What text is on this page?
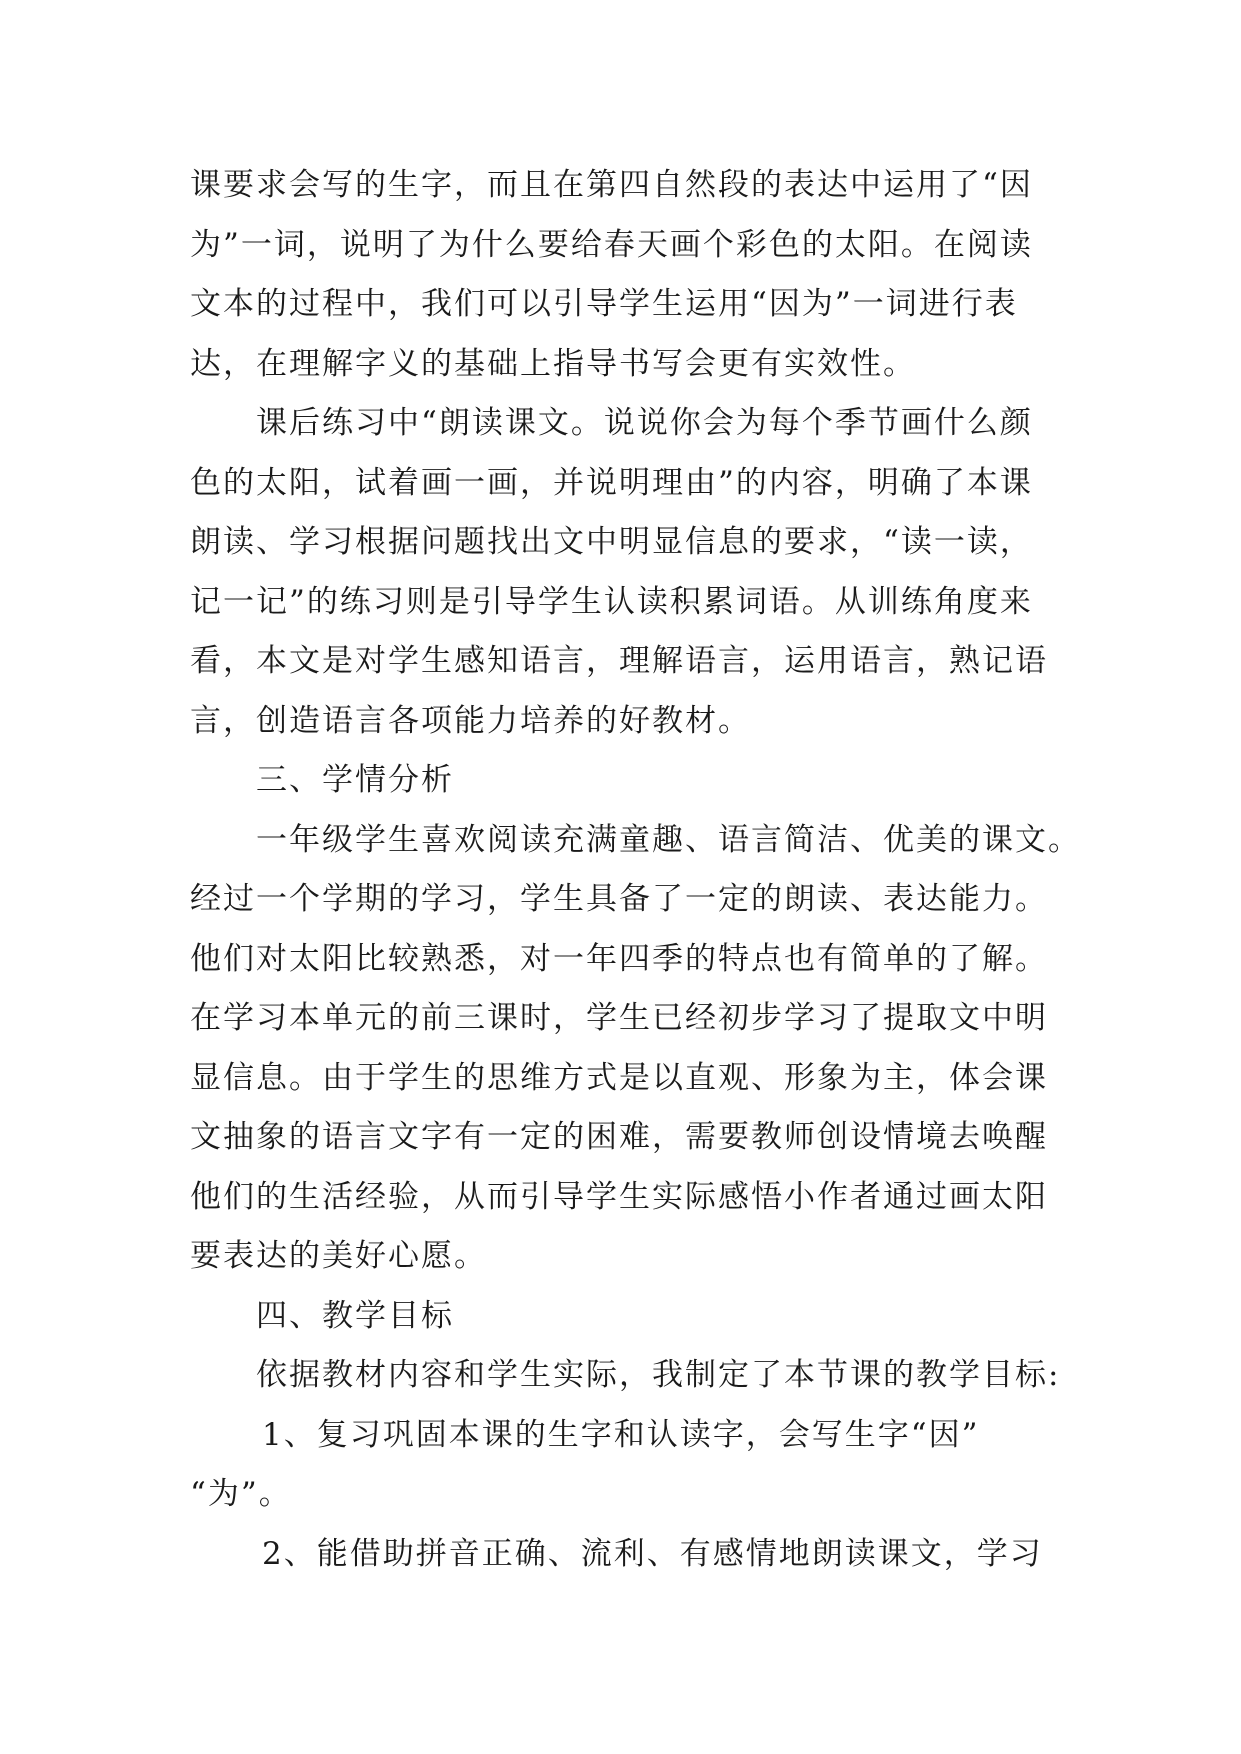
课要求会写的生字，而且在第四自然段的表达中运用了“因
为”一词，说明了为什么要给春天画个彩色的太阳。在阅读
文本的过程中，我们可以引导学生运用“因为”一词进行表
达，在理解字义的基础上指导书写会更有实效性。
课后练习中“朗读课文。说说你会为每个季节画什么颜
色的太阳，试着画一画，并说明理由”的内容，明确了本课
朗读、学习根据问题找出文中明显信息的要求，“读一读，
记一记”的练习则是引导学生认读积累词语。从训练角度来
看，本文是对学生感知语言，理解语言，运用语言，熟记语
言，创造语言各项能力培养的好教材。
三、学情分析
一年级学生喜欢阅读充满童趣、语言简洁、优美的课文。
经过一个学期的学习，学生具备了一定的朗读、表达能力。
他们对太阳比较熟悉，对一年四季的特点也有简单的了解。
在学习本单元的前三课时，学生已经初步学习了提取文中明
显信息。由于学生的思维方式是以直观、形象为主，体会课
文抽象的语言文字有一定的困难，需要教师创设情境去唤醒
他们的生活经验，从而引导学生实际感悟小作者通过画太阳
要表达的美好心愿。
四、教学目标
依据教材内容和学生实际，我制定了本节课的教学目标:
1、复习巩固本课的生字和认读字，会写生字“因”
“为”。
2、能借助拼音正确、流利、有感情地朗读课文，学习
